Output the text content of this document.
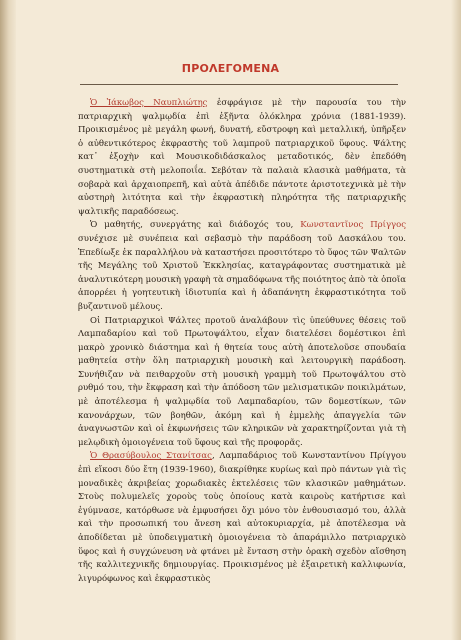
ΠΡΟΛΕΓΟΜΕΝΑ

Ὁ Ἰάκωβος Ναυπλιώτης ἐσφράγισε μὲ τὴν παρουσία του τὴν πατριαρχικὴ ψαλμῳδία ἐπὶ ἑξῆντα ὁλόκληρα χρόνια (1881-1939). Προικισμένος μὲ μεγάλη φωνή, δυνατή, εὔστροφη καὶ μεταλλική, ὑπῆρξεν ὁ αὐθεντικότερος ἐκφραστὴς τοῦ λαμπροῦ πατριαρχικοῦ ὕφους. Ψάλτης κατ᾽ ἐξοχὴν καὶ Μουσικοδιδάσκαλος μεταδοτικός, δὲν ἐπεδόθη συστηματικὰ στὴ μελοποιΐα. Σεβόταν τὰ παλαιὰ κλασικὰ μαθήματα, τὰ σοβαρὰ καὶ ἀρχαιοπρεπῆ, καὶ αὐτὰ ἀπέδιδε πάντοτε ἀριστοτεχνικὰ μὲ τὴν αὐστηρὴ λιτότητα καὶ τὴν ἐκφραστικὴ πληρότητα τῆς πατριαρχικῆς ψαλτικῆς παραδόσεως.

Ὁ μαθητής, συνεργάτης καὶ διάδοχός του, Κωνσταντῖνος Πρίγγος συνέχισε μὲ συνέπεια καὶ σεβασμὸ τὴν παράδοση τοῦ Δασκάλου του. Ἐπεδίωξε ἐκ παραλλήλου νὰ καταστήσει προσιτότερο τὸ ὕφος τῶν Ψαλτῶν τῆς Μεγάλης τοῦ Χριστοῦ Ἐκκλησίας, καταγράφοντας συστηματικὰ μὲ ἀναλυτικότερη μουσικὴ γραφὴ τὰ σημαδόφωνα τῆς ποιότητος ἀπὸ τὰ ὁποῖα ἀπορρέει ἡ γοητευτικὴ ἰδιοτυπία καὶ ἡ ἀδαπάνητη ἐκφραστικότητα τοῦ βυζαντινοῦ μέλους.

Οἱ Πατριαρχικοὶ Ψάλτες προτοῦ ἀναλάβουν τὶς ὑπεύθυνες θέσεις τοῦ Λαμπαδαρίου καὶ τοῦ Πρωτοψάλτου, εἶχαν διατελέσει δομέστικοι ἐπὶ μακρὸ χρονικὸ διάστημα καὶ ἡ θητεία τους αὐτὴ ἀποτελοῦσε σπουδαία μαθητεία στὴν ὅλη πατριαρχικὴ μουσικὴ καὶ λειτουργικὴ παράδοση. Συνήθιζαν νὰ πειθαρχοῦν στὴ μουσικὴ γραμμὴ τοῦ Πρωτοψάλτου στὸ ρυθμό του, τὴν ἔκφραση καὶ τὴν ἀπόδοση τῶν μελισματικῶν ποικιλμάτων, μὲ ἀποτέλεσμα ἡ ψαλμῳδία τοῦ Λαμπαδαρίου, τῶν δομεστίκων, τῶν κανονάρχων, τῶν βοηθῶν, ἀκόμη καὶ ἡ ἐμμελὴς ἀπαγγελία τῶν ἀναγνωστῶν καὶ οἱ ἐκφωνήσεις τῶν κληρικῶν νὰ χαρακτηρίζονται γιὰ τὴ μελῳδικὴ ὁμοιογένεια τοῦ ὕφους καὶ τῆς προφορᾶς.

Ὁ Θρασύβουλος Στανίτσας, Λαμπαδάριος τοῦ Κωνσταντίνου Πρίγγου ἐπὶ εἴκοσι δύο ἔτη (1939-1960), διακρίθηκε κυρίως καὶ πρὸ πάντων γιὰ τὶς μοναδικὲς ἀκριβείας χορωδιακὲς ἐκτελέσεις τῶν κλασικῶν μαθημάτων. Στοὺς πολυμελεῖς χοροὺς τοὺς ὁποίους κατὰ καιροὺς κατήρτισε καὶ ἐγύμνασε, κατόρθωσε νὰ ἐμφυσήσει ὄχι μόνο τὸν ἐνθουσιασμό του, ἀλλὰ καὶ τὴν προσωπική του ἄνεση καὶ αὐτοκυριαρχία, μὲ ἀποτέλεσμα νὰ ἀποδίδεται μὲ ὑποδειγματικὴ ὁμοιογένεια τὸ ἀπαράμιλλο πατριαρχικὸ ὕφος καὶ ἡ συγχώνευση νὰ φτάνει μὲ ἔνταση στὴν ὀρακὴ σχεδὸν αἴσθηση τῆς καλλιτεχνικῆς δημιουργίας. Προικισμένος μὲ ἐξαιρετικὴ καλλιφωνία, λιγυρόφωνος καὶ ἐκφραστικὸς
